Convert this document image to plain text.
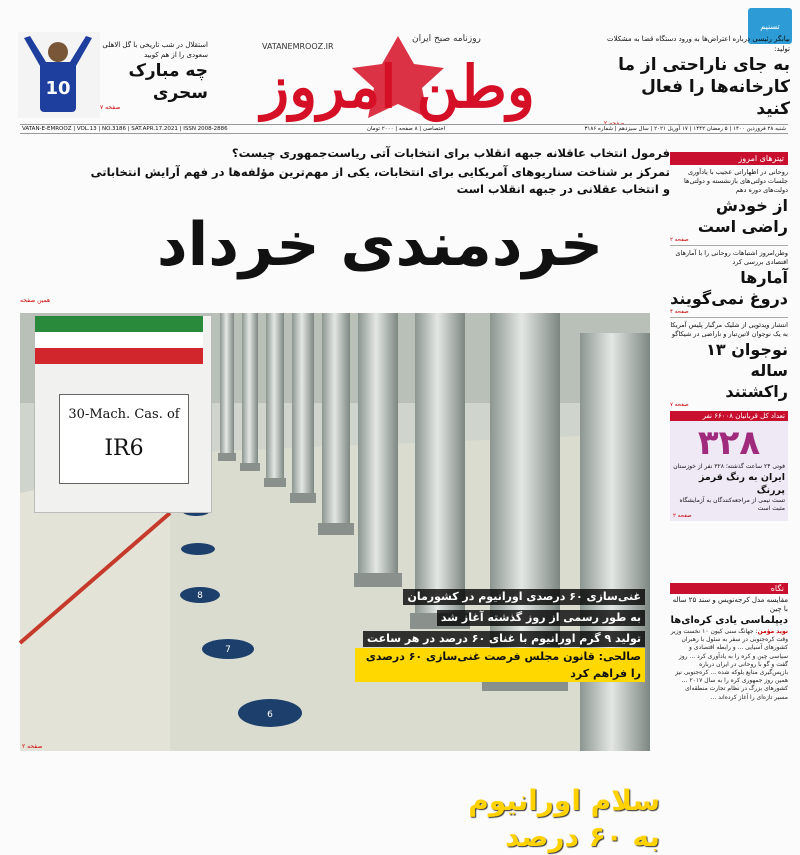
تسنیم
10
استقلال در شب تاریخی با گل الاهلی سعودی را از هم کوبید
چه مبارک
سحری
صفحه ۷
VATANEMROOZ.IR
روزنامه صبح ایران
وطن امروز
بیانگر رئیسی درباره اعتراض‌ها به ورود دستگاه قضا به مشکلات تولید:
به جای ناراحتی از ما
کارخانه‌ها را فعال کنید
صفحه ۲
شنبه ۲۸ فروردین ۱۴۰۰ | ۵ رمضان ۱۴۴۲ | ۱۷ آوریل ۲۰۲۱ | سال سیزدهم | شماره ۳۱۸۶
اختصاصی | ۸ صفحه | ۲۰۰۰ تومان
VATAN-E-EMROOZ | VOL.13 | NO.3186 | SAT.APR.17.2021 | ISSN 2008-2886
فرمول انتخاب عاقلانه جبهه انقلاب برای انتخابات آتی ریاست‌جمهوری چیست؟
تمرکز بر شناخت سناریوهای آمریکایی برای انتخابات، یکی از مهم‌ترین مؤلفه‌ها در فهم آرایش انتخاباتی
و انتخاب عقلانی در جبهه انقلاب است
خردمندی خرداد
همین صفحه
8
7
6
30-Mach. Cas. of
IR6
سلام اورانیوم
به ۶۰ درصد
غنی‌سازی ۶۰ درصدی اورانیوم در کشورمان
به طور رسمی از روز گذشته آغاز شد
تولید ۹ گرم اورانیوم با غنای ۶۰ درصد در هر ساعت
صالحی: قانون مجلس فرصت غنی‌سازی ۶۰ درصدی را فراهم کرد
صفحه ۲
تیترهای امروز
روحانی در اظهاراتی عجیب با یادآوری جلسات دولتی‌های بازنشسته و دولتی‌ها دولت‌های دوره دهم
از خودش
راضی است
صفحه ۲
وطن‌امروز اشتباهات روحانی را با آمارهای اقتصادی بررسی کرد
آمارها
دروغ نمی‌گویند
صفحه ۴
انتشار ویدئویی از شلیک مرگبار پلیس آمریکا به یک نوجوان لاتین‌تبار و ناراضی در شیکاگو
نوجوان ۱۳ ساله
راکشتند
صفحه ۷
تعداد کل قربانیان ۶۶۰۰۸ نفر
۳۲۸
فوتی ۲۴ ساعت گذشته؛ ۳۲۸ نفر از خوزستان
ایران به رنگ قرمز پررنگ
تست نیمی از مراجعه‌کنندگان به آزمایشگاه مثبت است
صفحه ۲
نگاه
مقایسه مدل کرجه‌نویس و سند ۲۵ ساله با چین
دیپلماسی یادی کره‌ای‌ها
نوید مؤمن: جهانگ سنی کیون ۱۰ نخست وزیر وقت کره‌جنوبی در سفر به سئول با رهبران کشورهای آسیایی ... و رابطه اقتصادی و سیاسی چین و کره را به یادآوری کرد ... روز گفت و گو با روحانی در ایران درباره بازپس‌گیری منابع بلوکه شده ... کره‌جنوبی نیز همین روز جمهوری کره را به سال ۲۰۱۷ ... کشورهای بزرگ در نظام تجارت منطقه‌ای مسیر تازه‌ای را آغاز کرده‌اند ...
